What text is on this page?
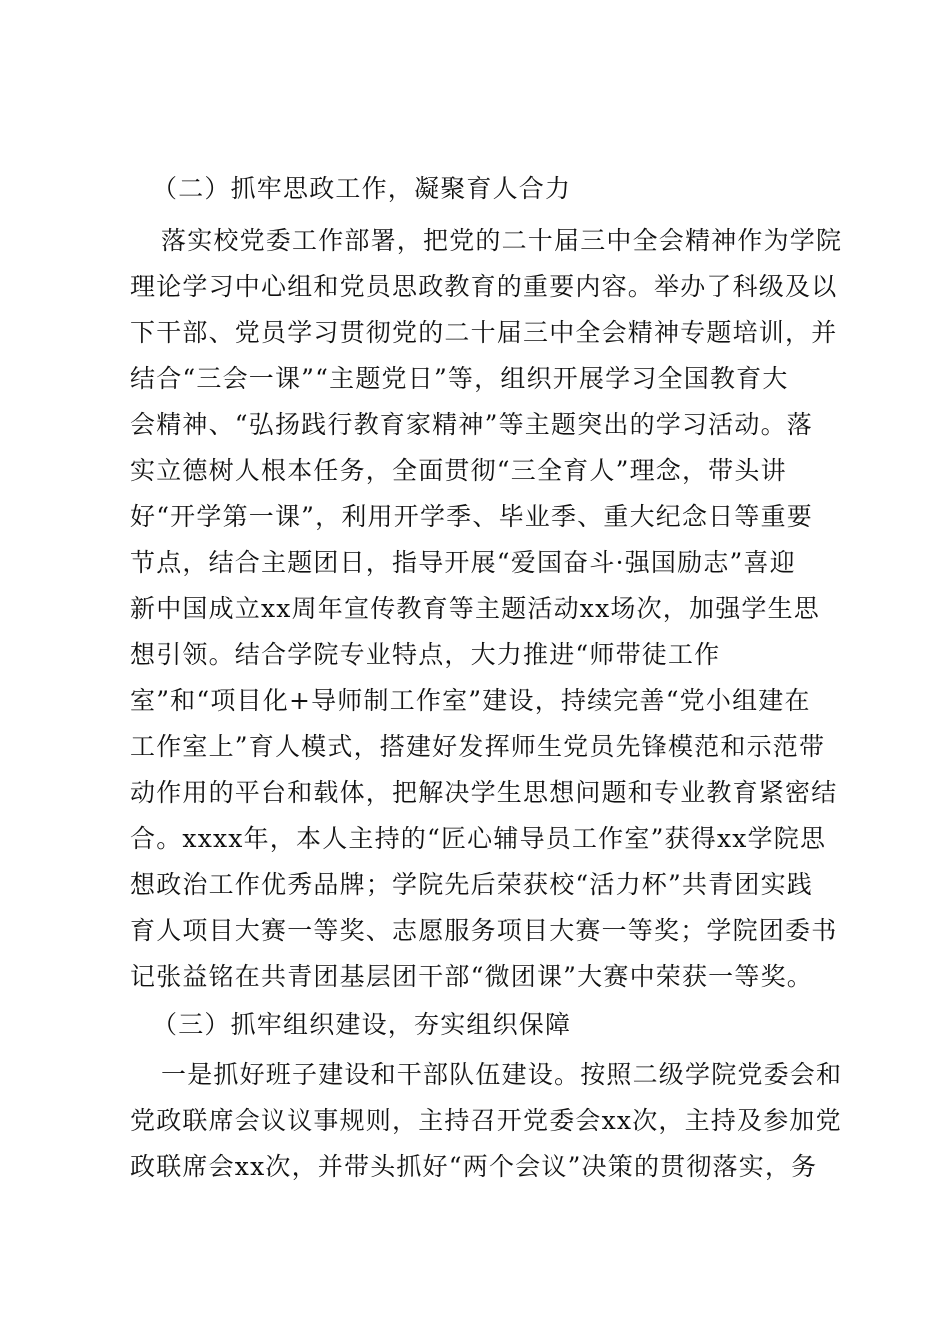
（二）抓牢思政工作，凝聚育人合力
落实校党委工作部署，把党的二十届三中全会精神作为学院
理论学习中心组和党员思政教育的重要内容。举办了科级及以
下干部、党员学习贯彻党的二十届三中全会精神专题培训，并
结合“三会一课”“主题党日”等，组织开展学习全国教育大
会精神、“弘扬践行教育家精神”等主题突出的学习活动。落
实立德树人根本任务，全面贯彻“三全育人”理念，带头讲
好“开学第一课”，利用开学季、毕业季、重大纪念日等重要
节点，结合主题团日，指导开展“爱国奋斗·强国励志”喜迎
新中国成立xx周年宣传教育等主题活动xx场次，加强学生思
想引领。结合学院专业特点，大力推进“师带徒工作
室”和“项目化+导师制工作室”建设，持续完善“党小组建在
工作室上”育人模式，搭建好发挥师生党员先锋模范和示范带
动作用的平台和载体，把解决学生思想问题和专业教育紧密结
合。xxxx年，本人主持的“匠心辅导员工作室”获得xx学院思
想政治工作优秀品牌；学院先后荣获校“活力杯”共青团实践
育人项目大赛一等奖、志愿服务项目大赛一等奖；学院团委书
记张益铭在共青团基层团干部“微团课”大赛中荣获一等奖。
（三）抓牢组织建设，夯实组织保障
一是抓好班子建设和干部队伍建设。按照二级学院党委会和
党政联席会议议事规则，主持召开党委会xx次，主持及参加党
政联席会xx次，并带头抓好“两个会议”决策的贯彻落实，务
